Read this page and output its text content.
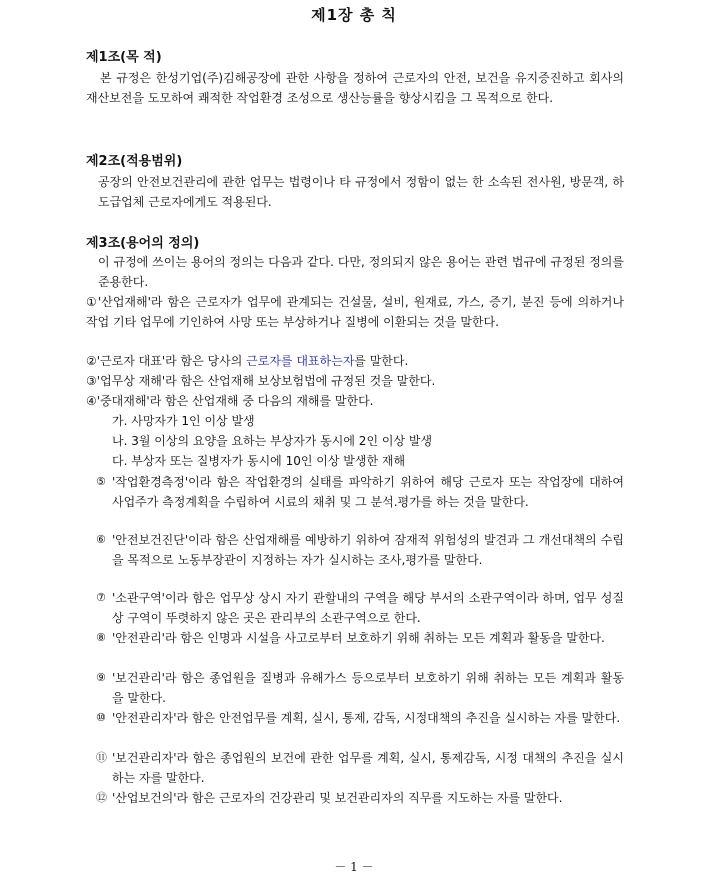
제1장 총 칙
제1조(목 적)
본 규정은 한성기업(주)김해공장에 관한 사항을 정하여 근로자의 안전, 보건을 유지증진하고 회사의 재산보전을 도모하여 쾌적한 작업환경 조성으로 생산능률을 향상시킴을 그 목적으로 한다.
제2조(적용범위)
공장의 안전보건관리에 관한 업무는 법령이나 타 규정에서 정함이 없는 한 소속된 전사원, 방문객, 하도급업체 근로자에게도 적용된다.
제3조(용어의 정의)
이 규정에 쓰이는 용어의 정의는 다음과 같다. 다만, 정의되지 않은 용어는 관련 법규에 규정된 정의를 준용한다.
①'산업재해'라 함은 근로자가 업무에 관계되는 건설물, 설비, 원재료, 가스, 증기, 분진 등에 의하거나 작업 기타 업무에 기인하여 사망 또는 부상하거나 질병에 이환되는 것을 말한다.
②'근로자 대표'라 함은 당사의 근로자를 대표하는자를 말한다.
③'업무상 재해'라 함은 산업재해 보상보험법에 규정된 것을 말한다.
④'중대재해'라 함은 산업재해 중 다음의 재해를 말한다.
가. 사망자가 1인 이상 발생
나. 3월 이상의 요양을 요하는 부상자가 동시에 2인 이상 발생
다. 부상자 또는 질병자가 동시에 10인 이상 발생한 재해
⑤ '작업환경측정'이라 함은 작업환경의 실태를 파악하기 위하여 해당 근로자 또는 작업장에 대하여 사업주가 측정계획을 수립하여 시료의 채취 및 그 분석.평가를 하는 것을 말한다.
⑥ '안전보건진단'이라 함은 산업재해를 예방하기 위하여 잠재적 위험성의 발견과 그 개선대책의 수립을 목적으로 노동부장관이 지정하는 자가 실시하는 조사,평가를 말한다.
⑦ '소관구역'이라 함은 업무상 상시 자기 관할내의 구역을 해당 부서의 소관구역이라 하며, 업무 성질상 구역이 뚜렷하지 않은 곳은 관리부의 소관구역으로 한다.
⑧ '안전관리'라 함은 인명과 시설을 사고로부터 보호하기 위해 취하는 모든 계획과 활동을 말한다.
⑨ '보건관리'라 함은 종업원을 질병과 유해가스 등으로부터 보호하기 위해 취하는 모든 계획과 활동을 말한다.
⑩ '안전관리자'라 함은 안전업무를 계획, 실시, 통제, 감독, 시정대책의 추진을 실시하는 자를 말한다.
⑪ '보건관리자'라 함은 종업원의 보건에 관한 업무를 계획, 실시, 통제감독, 시정 대책의 추진을 실시하는 자를 말한다.
⑫ '산업보건의'라 함은 근로자의 건강관리 및 보건관리자의 직무를 지도하는 자를 말한다.
－ 1 －
